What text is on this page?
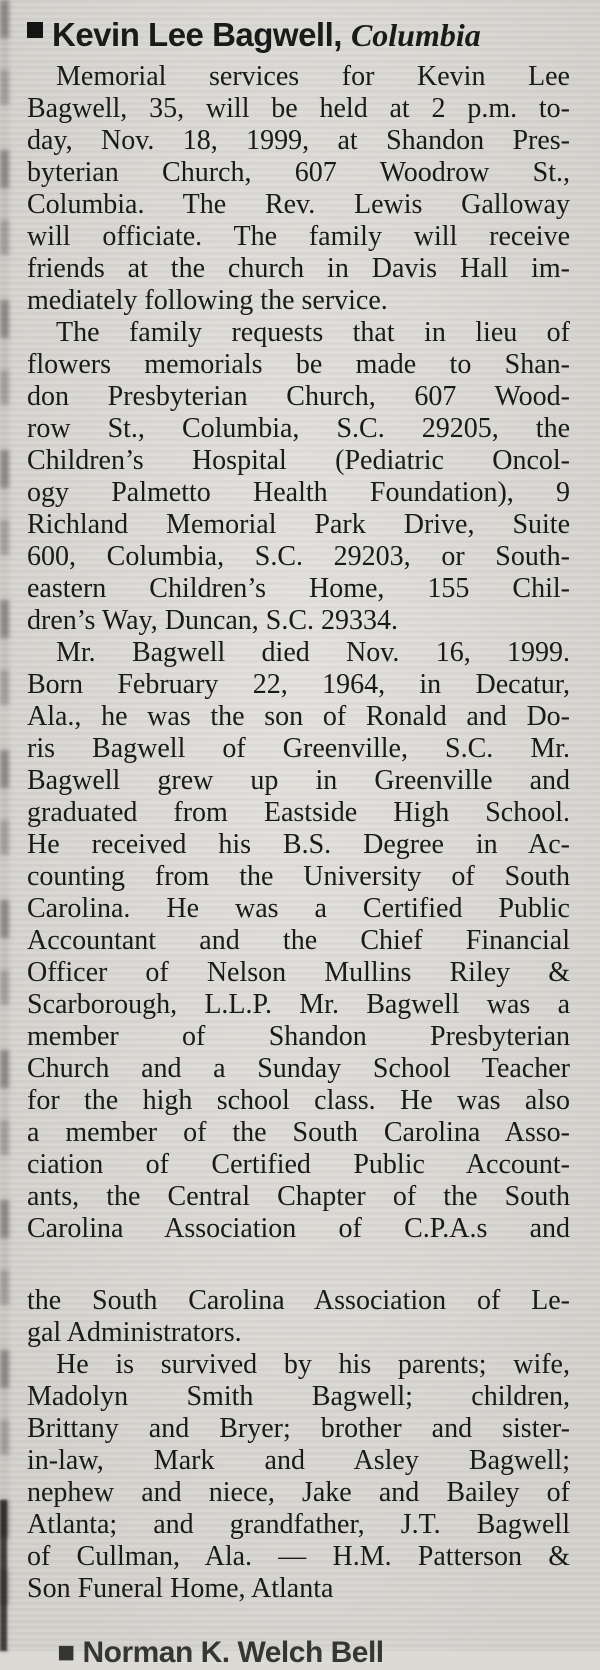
Kevin Lee Bagwell, Columbia
Memorial services for Kevin Lee
Bagwell, 35, will be held at 2 p.m. to-
day, Nov. 18, 1999, at Shandon Pres-
byterian Church, 607 Woodrow St.,
Columbia. The Rev. Lewis Galloway
will officiate. The family will receive
friends at the church in Davis Hall im-
mediately following the service.
The family requests that in lieu of
flowers memorials be made to Shan-
don Presbyterian Church, 607 Wood-
row St., Columbia, S.C. 29205, the
Children’s Hospital (Pediatric Oncol-
ogy Palmetto Health Foundation), 9
Richland Memorial Park Drive, Suite
600, Columbia, S.C. 29203, or South-
eastern Children’s Home, 155 Chil-
dren’s Way, Duncan, S.C. 29334.
Mr. Bagwell died Nov. 16, 1999.
Born February 22, 1964, in Decatur,
Ala., he was the son of Ronald and Do-
ris Bagwell of Greenville, S.C. Mr.
Bagwell grew up in Greenville and
graduated from Eastside High School.
He received his B.S. Degree in Ac-
counting from the University of South
Carolina. He was a Certified Public
Accountant and the Chief Financial
Officer of Nelson Mullins Riley &
Scarborough, L.L.P. Mr. Bagwell was a
member of Shandon Presbyterian
Church and a Sunday School Teacher
for the high school class. He was also
a member of the South Carolina Asso-
ciation of Certified Public Account-
ants, the Central Chapter of the South
Carolina Association of C.P.A.s and
the South Carolina Association of Le-
gal Administrators.
He is survived by his parents; wife,
Madolyn Smith Bagwell; children,
Brittany and Bryer; brother and sister-
in-law, Mark and Asley Bagwell;
nephew and niece, Jake and Bailey of
Atlanta; and grandfather, J.T. Bagwell
of Cullman, Ala. — H.M. Patterson &
Son Funeral Home, Atlanta
■ Norman K. Welch Bell
